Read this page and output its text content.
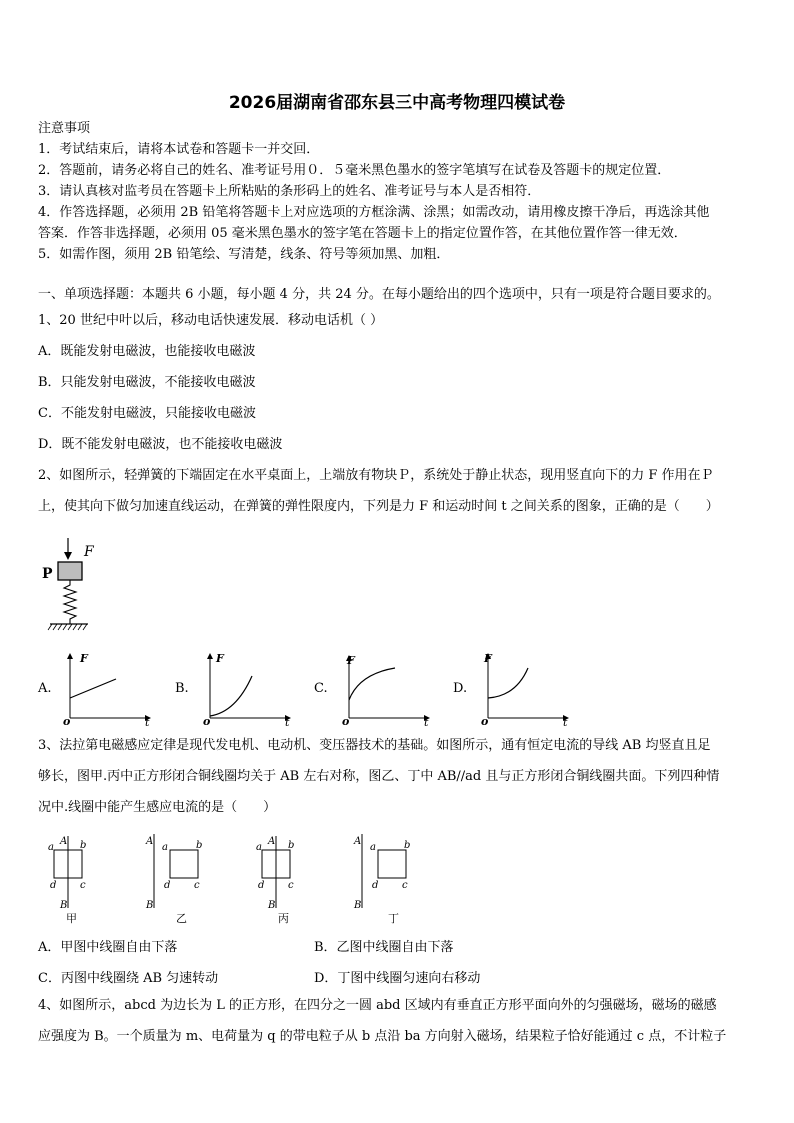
2026届湖南省邵东县三中高考物理四模试卷
注意事项
1．考试结束后，请将本试卷和答题卡一并交回．
2．答题前，请务必将自己的姓名、准考证号用０．５毫米黑色墨水的签字笔填写在试卷及答题卡的规定位置．
3．请认真核对监考员在答题卡上所粘贴的条形码上的姓名、准考证号与本人是否相符．
4．作答选择题，必须用 2B 铅笔将答题卡上对应选项的方框涂满、涂黑；如需改动，请用橡皮擦干净后，再选涂其他
答案．作答非选择题，必须用 05 毫米黑色墨水的签字笔在答题卡上的指定位置作答，在其他位置作答一律无效．
5．如需作图，须用 2B 铅笔绘、写清楚，线条、符号等须加黑、加粗．
一、单项选择题：本题共 6 小题，每小题 4 分，共 24 分。在每小题给出的四个选项中，只有一项是符合题目要求的。
1、20 世纪中叶以后，移动电话快速发展．移动电话机（ ）
A．既能发射电磁波，也能接收电磁波
B．只能发射电磁波，不能接收电磁波
C．不能发射电磁波，只能接收电磁波
D．既不能发射电磁波，也不能接收电磁波
2、如图所示，轻弹簧的下端固定在水平桌面上，上端放有物块Ｐ，系统处于静止状态，现用竖直向下的力 F 作用在Ｐ
上，使其向下做匀加速直线运动，在弹簧的弹性限度内，下列是力 F 和运动时间 t 之间关系的图象，正确的是（　　）
P
F
A.
F
t
o
B.
F
t
o
C.
F
t
o
D.
F
t
o
3、法拉第电磁感应定律是现代发电机、电动机、变压器技术的基础。如图所示，通有恒定电流的导线 AB 均竖直且足
够长，图甲.丙中正方形闭合铜线圈均关于 AB 左右对称，图乙、丁中 AB//ad 且与正方形闭合铜线圈共面。下列四种情
况中.线圈中能产生感应电流的是（　　）
A
B
a	b
c
d
甲
A
B
a	b
c
d
乙
A
B
a	b
c
d
丙
A
B
a	b
c
d
丁
A．甲图中线圈自由下落	B．乙图中线圈自由下落
C．丙图中线圈绕 AB 匀速转动	D．丁图中线圈匀速向右移动
4、如图所示，abcd 为边长为 L 的正方形，在四分之一圆 abd 区域内有垂直正方形平面向外的匀强磁场，磁场的磁感
应强度为 B。一个质量为 m、电荷量为 q 的带电粒子从 b 点沿 ba 方向射入磁场，结果粒子恰好能通过 c 点，不计粒子
